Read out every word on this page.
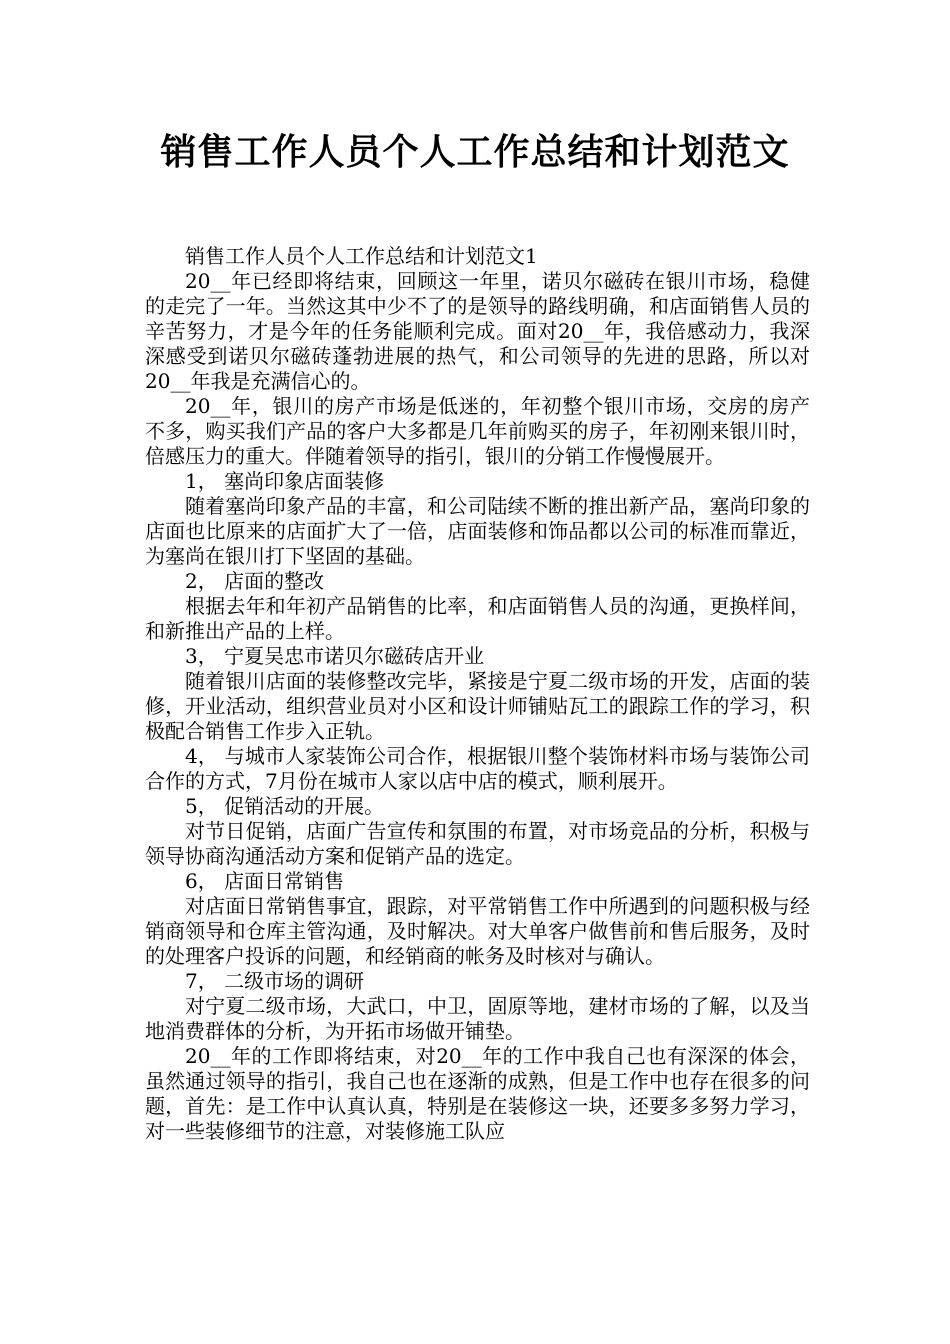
销售工作人员个人工作总结和计划范文

销售工作人员个人工作总结和计划范文1

20__年已经即将结束，回顾这一年里，诺贝尔磁砖在银川市场，稳健的走完了一年。当然这其中少不了的是领导的路线明确，和店面销售人员的辛苦努力，才是今年的任务能顺利完成。面对20__年，我倍感动力，我深深感受到诺贝尔磁砖蓬勃进展的热气，和公司领导的先进的思路，所以对20__年我是充满信心的。

20__年，银川的房产市场是低迷的，年初整个银川市场，交房的房产不多，购买我们产品的客户大多都是几年前购买的房子，年初刚来银川时，倍感压力的重大。伴随着领导的指引，银川的分销工作慢慢展开。

1， 塞尚印象店面装修

随着塞尚印象产品的丰富，和公司陆续不断的推出新产品，塞尚印象的店面也比原来的店面扩大了一倍，店面装修和饰品都以公司的标准而靠近，为塞尚在银川打下坚固的基础。

2， 店面的整改

根据去年和年初产品销售的比率，和店面销售人员的沟通，更换样间，和新推出产品的上样。

3， 宁夏吴忠市诺贝尔磁砖店开业

随着银川店面的装修整改完毕，紧接是宁夏二级市场的开发，店面的装修，开业活动，组织营业员对小区和设计师铺贴瓦工的跟踪工作的学习，积极配合销售工作步入正轨。

4， 与城市人家装饰公司合作，根据银川整个装饰材料市场与装饰公司合作的方式，7月份在城市人家以店中店的模式，顺利展开。

5， 促销活动的开展。

对节日促销，店面广告宣传和氛围的布置，对市场竞品的分析，积极与领导协商沟通活动方案和促销产品的选定。

6， 店面日常销售

对店面日常销售事宜，跟踪，对平常销售工作中所遇到的问题积极与经销商领导和仓库主管沟通，及时解决。对大单客户做售前和售后服务，及时的处理客户投诉的问题，和经销商的帐务及时核对与确认。

7， 二级市场的调研

对宁夏二级市场，大武口，中卫，固原等地，建材市场的了解，以及当地消费群体的分析，为开拓市场做开铺垫。

20__年的工作即将结束，对20__年的工作中我自己也有深深的体会，虽然通过领导的指引，我自己也在逐渐的成熟，但是工作中也存在很多的问题，首先：是工作中认真认真，特别是在装修这一块，还要多多努力学习，对一些装修细节的注意，对装修施工队应
